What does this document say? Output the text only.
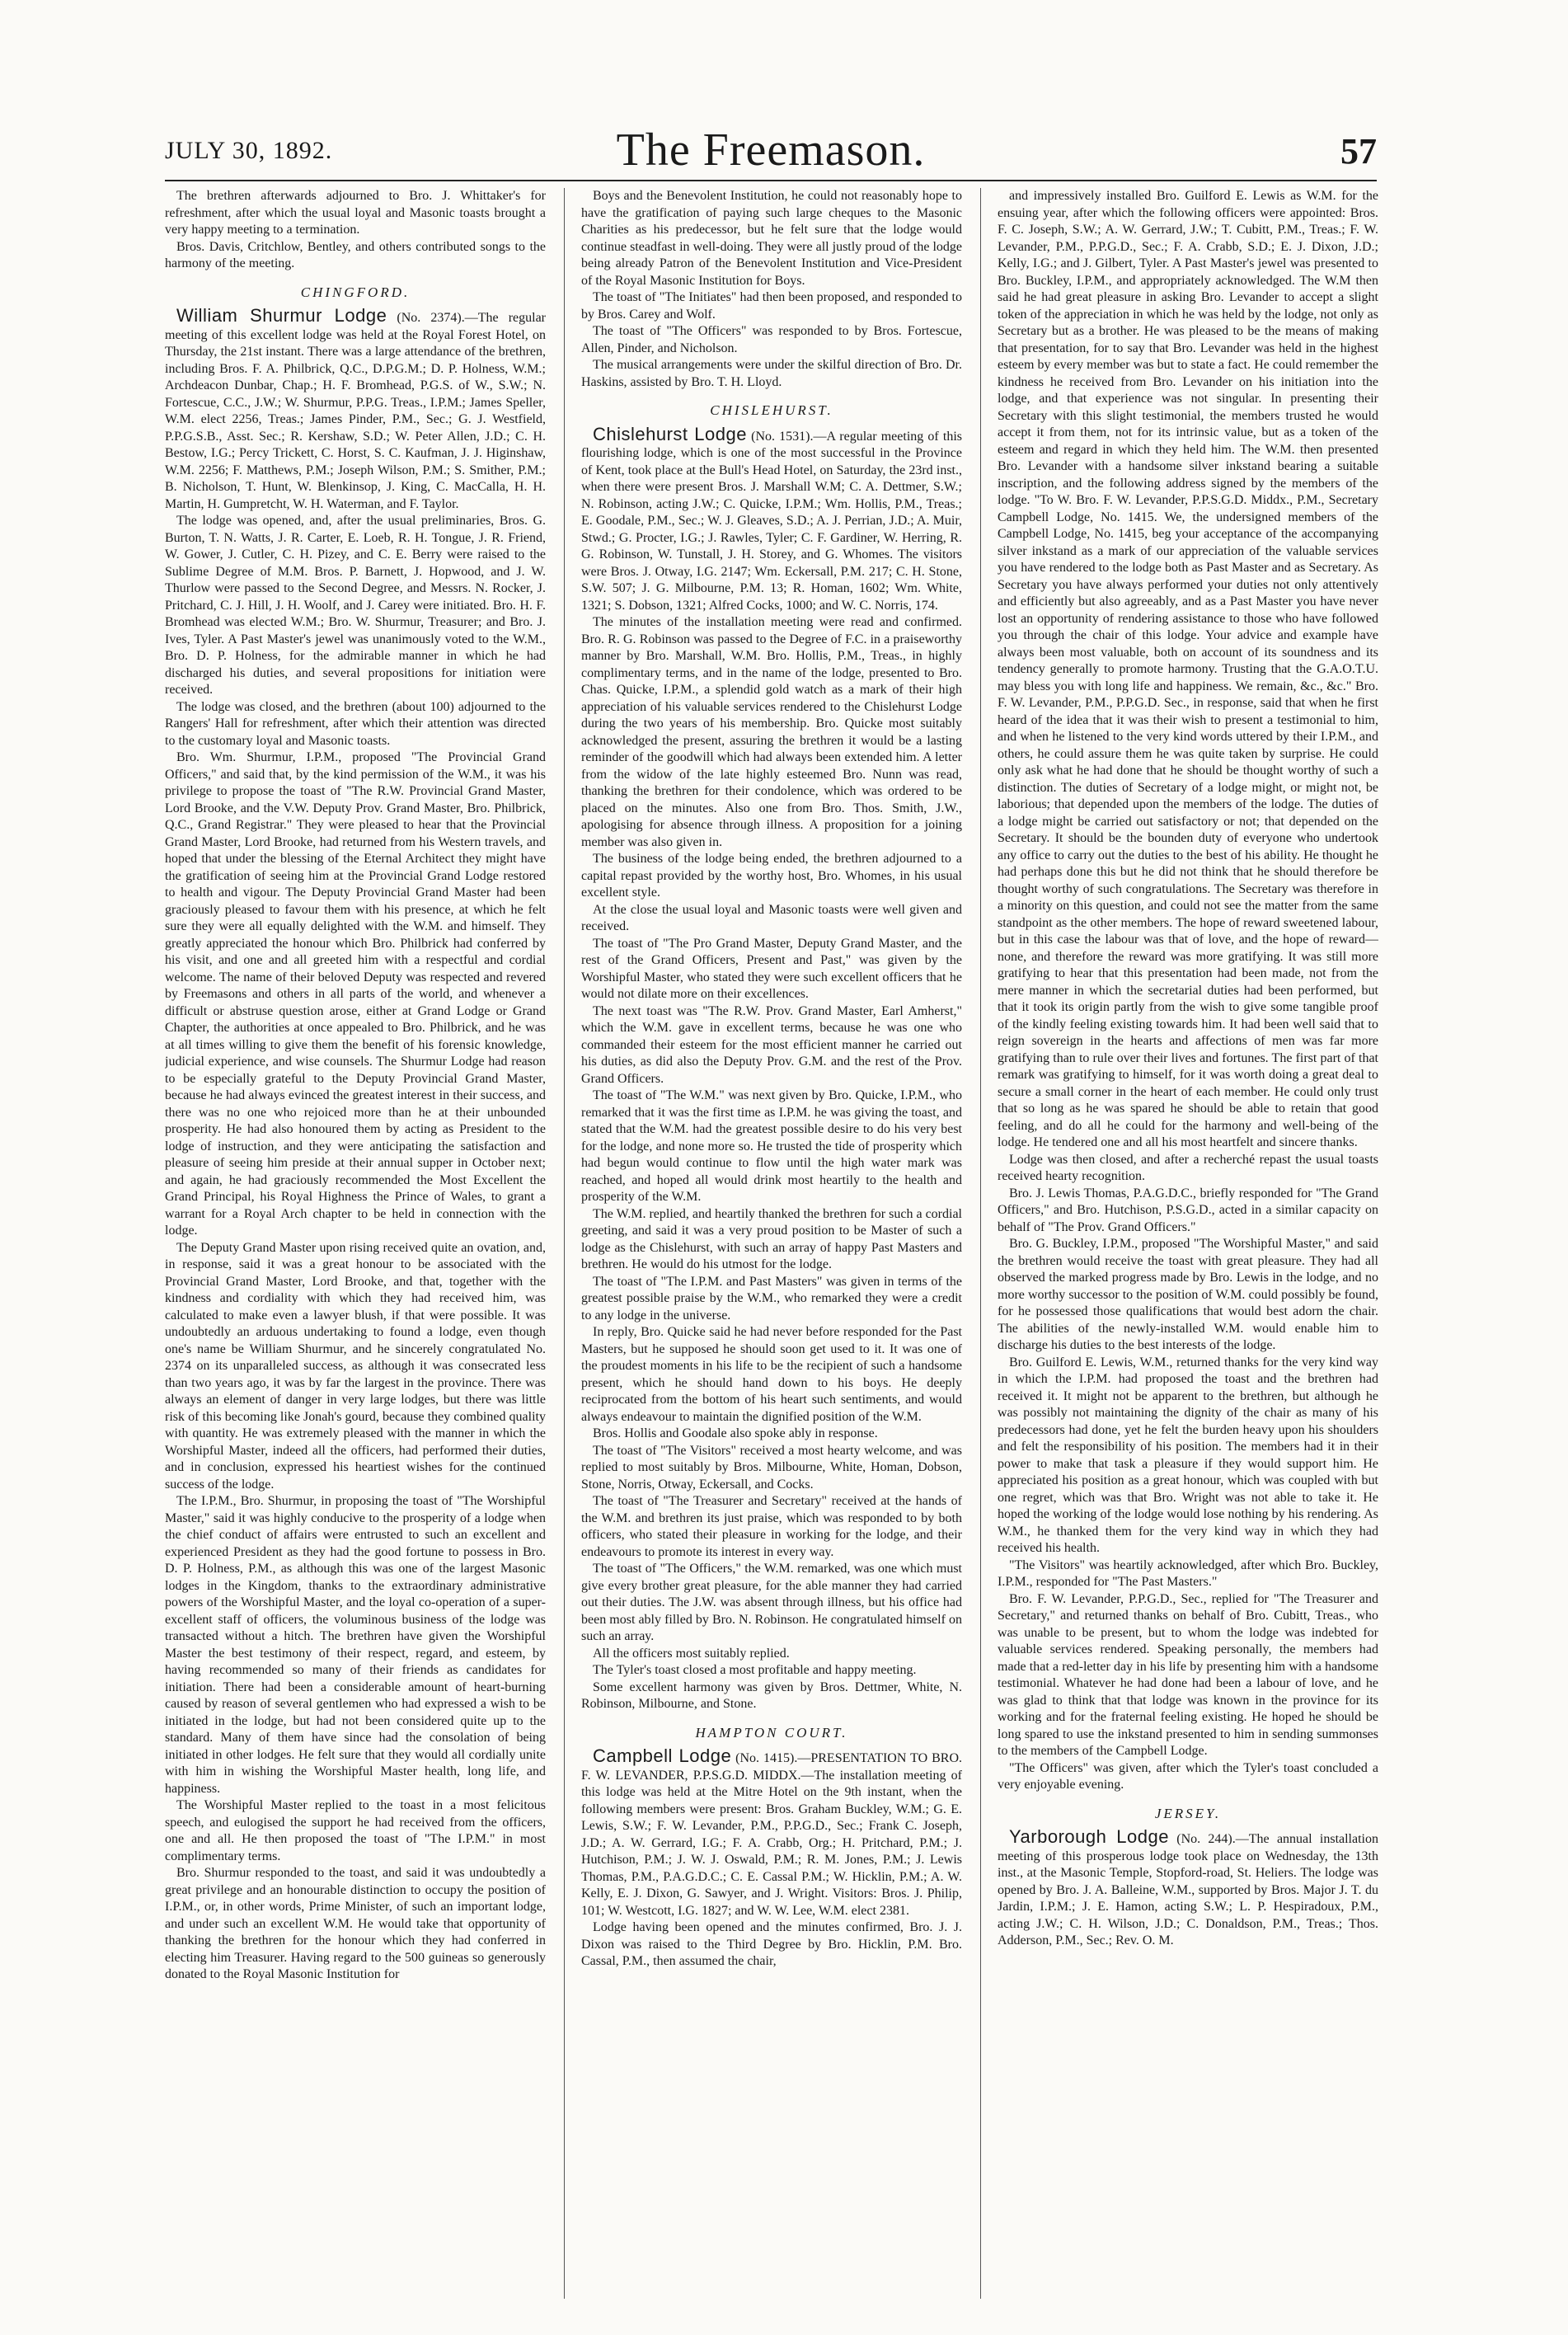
JULY 30, 1892.	The Freemason.	57

The brethren afterwards adjourned to Bro. J. Whittaker's for refreshment, after which the usual loyal and Masonic toasts brought a very happy meeting to a termination.

Bros. Davis, Critchlow, Bentley, and others contributed songs to the harmony of the meeting.

CHINGFORD.

William Shurmur Lodge (No. 2374).—The regular meeting of this excellent lodge was held at the Royal Forest Hotel, on Thursday, the 21st instant. There was a large attendance of the brethren, including Bros. F. A. Philbrick, Q.C., D.P.G.M.; D. P. Holness, W.M.; Archdeacon Dunbar, Chap.; H. F. Bromhead, P.G.S. of W., S.W.; N. Fortescue, C.C., J.W.; W. Shurmur, P.P.G. Treas., I.P.M.; James Speller, W.M. elect 2256, Treas.; James Pinder, P.M., Sec.; G. J. Westfield, P.P.G.S.B., Asst. Sec.; R. Kershaw, S.D.; W. Peter Allen, J.D.; C. H. Bestow, I.G.; Percy Trickett, C. Horst, S. C. Kaufman, J. J. Higinshaw, W.M. 2256; F. Matthews, P.M.; Joseph Wilson, P.M.; S. Smither, P.M.; B. Nicholson, T. Hunt, W. Blenkinsop, J. King, C. MacCalla, H. H. Martin, H. Gumpretcht, W. H. Waterman, and F. Taylor.

The lodge was opened, and, after the usual preliminaries, Bros. G. Burton, T. N. Watts, J. R. Carter, E. Loeb, R. H. Tongue, J. R. Friend, W. Gower, J. Cutler, C. H. Pizey, and C. E. Berry were raised to the Sublime Degree of M.M. Bros. P. Barnett, J. Hopwood, and J. W. Thurlow were passed to the Second Degree, and Messrs. N. Rocker, J. Pritchard, C. J. Hill, J. H. Woolf, and J. Carey were initiated. Bro. H. F. Bromhead was elected W.M.; Bro. W. Shurmur, Treasurer; and Bro. J. Ives, Tyler. A Past Master's jewel was unanimously voted to the W.M., Bro. D. P. Holness, for the admirable manner in which he had discharged his duties, and several propositions for initiation were received.

The lodge was closed, and the brethren (about 100) adjourned to the Rangers' Hall for refreshment, after which their attention was directed to the customary loyal and Masonic toasts.

Bro. Wm. Shurmur, I.P.M., proposed "The Provincial Grand Officers," and said that, by the kind permission of the W.M., it was his privilege to propose the toast of "The R.W. Provincial Grand Master, Lord Brooke, and the V.W. Deputy Prov. Grand Master, Bro. Philbrick, Q.C., Grand Registrar." They were pleased to hear that the Provincial Grand Master, Lord Brooke, had returned from his Western travels, and hoped that under the blessing of the Eternal Architect they might have the gratification of seeing him at the Provincial Grand Lodge restored to health and vigour. The Deputy Provincial Grand Master had been graciously pleased to favour them with his presence, at which he felt sure they were all equally delighted with the W.M. and himself. They greatly appreciated the honour which Bro. Philbrick had conferred by his visit, and one and all greeted him with a respectful and cordial welcome. The name of their beloved Deputy was respected and revered by Freemasons and others in all parts of the world, and whenever a difficult or abstruse question arose, either at Grand Lodge or Grand Chapter, the authorities at once appealed to Bro. Philbrick, and he was at all times willing to give them the benefit of his forensic knowledge, judicial experience, and wise counsels. The Shurmur Lodge had reason to be especially grateful to the Deputy Provincial Grand Master, because he had always evinced the greatest interest in their success, and there was no one who rejoiced more than he at their unbounded prosperity. He had also honoured them by acting as President to the lodge of instruction, and they were anticipating the satisfaction and pleasure of seeing him preside at their annual supper in October next; and again, he had graciously recommended the Most Excellent the Grand Principal, his Royal Highness the Prince of Wales, to grant a warrant for a Royal Arch chapter to be held in connection with the lodge.

The Deputy Grand Master upon rising received quite an ovation, and, in response, said it was a great honour to be associated with the Provincial Grand Master, Lord Brooke, and that, together with the kindness and cordiality with which they had received him, was calculated to make even a lawyer blush, if that were possible. It was undoubtedly an arduous undertaking to found a lodge, even though one's name be William Shurmur, and he sincerely congratulated No. 2374 on its unparalleled success, as although it was consecrated less than two years ago, it was by far the largest in the province. There was always an element of danger in very large lodges, but there was little risk of this becoming like Jonah's gourd, because they combined quality with quantity. He was extremely pleased with the manner in which the Worshipful Master, indeed all the officers, had performed their duties, and in conclusion, expressed his heartiest wishes for the continued success of the lodge.

The I.P.M., Bro. Shurmur, in proposing the toast of "The Worshipful Master," said it was highly conducive to the prosperity of a lodge when the chief conduct of affairs were entrusted to such an excellent and experienced President as they had the good fortune to possess in Bro. D. P. Holness, P.M., as although this was one of the largest Masonic lodges in the Kingdom, thanks to the extraordinary administrative powers of the Worshipful Master, and the loyal co-operation of a super-excellent staff of officers, the voluminous business of the lodge was transacted without a hitch. The brethren have given the Worshipful Master the best testimony of their respect, regard, and esteem, by having recommended so many of their friends as candidates for initiation. There had been a considerable amount of heart-burning caused by reason of several gentlemen who had expressed a wish to be initiated in the lodge, but had not been considered quite up to the standard. Many of them have since had the consolation of being initiated in other lodges. He felt sure that they would all cordially unite with him in wishing the Worshipful Master health, long life, and happiness.

The Worshipful Master replied to the toast in a most felicitous speech, and eulogised the support he had received from the officers, one and all. He then proposed the toast of "The I.P.M." in most complimentary terms.

Bro. Shurmur responded to the toast, and said it was undoubtedly a great privilege and an honourable distinction to occupy the position of I.P.M., or, in other words, Prime Minister, of such an important lodge, and under such an excellent W.M. He would take that opportunity of thanking the brethren for the honour which they had conferred in electing him Treasurer. Having regard to the 500 guineas so generously donated to the Royal Masonic Institution for

Boys and the Benevolent Institution, he could not reasonably hope to have the gratification of paying such large cheques to the Masonic Charities as his predecessor, but he felt sure that the lodge would continue steadfast in well-doing. They were all justly proud of the lodge being already Patron of the Benevolent Institution and Vice-President of the Royal Masonic Institution for Boys.

The toast of "The Initiates" had then been proposed, and responded to by Bros. Carey and Wolf.

The toast of "The Officers" was responded to by Bros. Fortescue, Allen, Pinder, and Nicholson.

The musical arrangements were under the skilful direction of Bro. Dr. Haskins, assisted by Bro. T. H. Lloyd.

CHISLEHURST.

Chislehurst Lodge (No. 1531).—A regular meeting of this flourishing lodge, which is one of the most successful in the Province of Kent, took place at the Bull's Head Hotel, on Saturday, the 23rd inst., when there were present Bros. J. Marshall W.M; C. A. Dettmer, S.W.; N. Robinson, acting J.W.; C. Quicke, I.P.M.; Wm. Hollis, P.M., Treas.; E. Goodale, P.M., Sec.; W. J. Gleaves, S.D.; A. J. Perrian, J.D.; A. Muir, Stwd.; G. Procter, I.G.; J. Rawles, Tyler; C. F. Gardiner, W. Herring, R. G. Robinson, W. Tunstall, J. H. Storey, and G. Whomes. The visitors were Bros. J. Otway, I.G. 2147; Wm. Eckersall, P.M. 217; C. H. Stone, S.W. 507; J. G. Milbourne, P.M. 13; R. Homan, 1602; Wm. White, 1321; S. Dobson, 1321; Alfred Cocks, 1000; and W. C. Norris, 174.

The minutes of the installation meeting were read and confirmed. Bro. R. G. Robinson was passed to the Degree of F.C. in a praiseworthy manner by Bro. Marshall, W.M. Bro. Hollis, P.M., Treas., in highly complimentary terms, and in the name of the lodge, presented to Bro. Chas. Quicke, I.P.M., a splendid gold watch as a mark of their high appreciation of his valuable services rendered to the Chislehurst Lodge during the two years of his membership. Bro. Quicke most suitably acknowledged the present, assuring the brethren it would be a lasting reminder of the goodwill which had always been extended him. A letter from the widow of the late highly esteemed Bro. Nunn was read, thanking the brethren for their condolence, which was ordered to be placed on the minutes. Also one from Bro. Thos. Smith, J.W., apologising for absence through illness. A proposition for a joining member was also given in.

The business of the lodge being ended, the brethren adjourned to a capital repast provided by the worthy host, Bro. Whomes, in his usual excellent style.

At the close the usual loyal and Masonic toasts were well given and received.

The toast of "The Pro Grand Master, Deputy Grand Master, and the rest of the Grand Officers, Present and Past," was given by the Worshipful Master, who stated they were such excellent officers that he would not dilate more on their excellences.

The next toast was "The R.W. Prov. Grand Master, Earl Amherst," which the W.M. gave in excellent terms, because he was one who commanded their esteem for the most efficient manner he carried out his duties, as did also the Deputy Prov. G.M. and the rest of the Prov. Grand Officers.

The toast of "The W.M." was next given by Bro. Quicke, I.P.M., who remarked that it was the first time as I.P.M. he was giving the toast, and stated that the W.M. had the greatest possible desire to do his very best for the lodge, and none more so. He trusted the tide of prosperity which had begun would continue to flow until the high water mark was reached, and hoped all would drink most heartily to the health and prosperity of the W.M.

The W.M. replied, and heartily thanked the brethren for such a cordial greeting, and said it was a very proud position to be Master of such a lodge as the Chislehurst, with such an array of happy Past Masters and brethren. He would do his utmost for the lodge.

The toast of "The I.P.M. and Past Masters" was given in terms of the greatest possible praise by the W.M., who remarked they were a credit to any lodge in the universe.

In reply, Bro. Quicke said he had never before responded for the Past Masters, but he supposed he should soon get used to it. It was one of the proudest moments in his life to be the recipient of such a handsome present, which he should hand down to his boys. He deeply reciprocated from the bottom of his heart such sentiments, and would always endeavour to maintain the dignified position of the W.M.

Bros. Hollis and Goodale also spoke ably in response.

The toast of "The Visitors" received a most hearty welcome, and was replied to most suitably by Bros. Milbourne, White, Homan, Dobson, Stone, Norris, Otway, Eckersall, and Cocks.

The toast of "The Treasurer and Secretary" received at the hands of the W.M. and brethren its just praise, which was responded to by both officers, who stated their pleasure in working for the lodge, and their endeavours to promote its interest in every way.

The toast of "The Officers," the W.M. remarked, was one which must give every brother great pleasure, for the able manner they had carried out their duties. The J.W. was absent through illness, but his office had been most ably filled by Bro. N. Robinson. He congratulated himself on such an array.

All the officers most suitably replied.

The Tyler's toast closed a most profitable and happy meeting.

Some excellent harmony was given by Bros. Dettmer, White, N. Robinson, Milbourne, and Stone.

HAMPTON COURT.

Campbell Lodge (No. 1415).—PRESENTATION TO BRO. F. W. LEVANDER, P.P.S.G.D. MIDDX.—The installation meeting of this lodge was held at the Mitre Hotel on the 9th instant, when the following members were present: Bros. Graham Buckley, W.M.; G. E. Lewis, S.W.; F. W. Levander, P.M., P.P.G.D., Sec.; Frank C. Joseph, J.D.; A. W. Gerrard, I.G.; F. A. Crabb, Org.; H. Pritchard, P.M.; J. Hutchison, P.M.; J. W. J. Oswald, P.M.; R. M. Jones, P.M.; J. Lewis Thomas, P.M., P.A.G.D.C.; C. E. Cassal P.M.; W. Hicklin, P.M.; A. W. Kelly, E. J. Dixon, G. Sawyer, and J. Wright. Visitors: Bros. J. Philip, 101; W. Westcott, I.G. 1827; and W. W. Lee, W.M. elect 2381.

Lodge having been opened and the minutes confirmed, Bro. J. J. Dixon was raised to the Third Degree by Bro. Hicklin, P.M. Bro. Cassal, P.M., then assumed the chair,

and impressively installed Bro. Guilford E. Lewis as W.M. for the ensuing year, after which the following officers were appointed: Bros. F. C. Joseph, S.W.; A. W. Gerrard, J.W.; T. Cubitt, P.M., Treas.; F. W. Levander, P.M., P.P.G.D., Sec.; F. A. Crabb, S.D.; E. J. Dixon, J.D.; Kelly, I.G.; and J. Gilbert, Tyler. A Past Master's jewel was presented to Bro. Buckley, I.P.M., and appropriately acknowledged. The W.M then said he had great pleasure in asking Bro. Levander to accept a slight token of the appreciation in which he was held by the lodge, not only as Secretary but as a brother. He was pleased to be the means of making that presentation, for to say that Bro. Levander was held in the highest esteem by every member was but to state a fact. He could remember the kindness he received from Bro. Levander on his initiation into the lodge, and that experience was not singular. In presenting their Secretary with this slight testimonial, the members trusted he would accept it from them, not for its intrinsic value, but as a token of the esteem and regard in which they held him. The W.M. then presented Bro. Levander with a handsome silver inkstand bearing a suitable inscription, and the following address signed by the members of the lodge. "To W. Bro. F. W. Levander, P.P.S.G.D. Middx., P.M., Secretary Campbell Lodge, No. 1415. We, the undersigned members of the Campbell Lodge, No. 1415, beg your acceptance of the accompanying silver inkstand as a mark of our appreciation of the valuable services you have rendered to the lodge both as Past Master and as Secretary. As Secretary you have always performed your duties not only attentively and efficiently but also agreeably, and as a Past Master you have never lost an opportunity of rendering assistance to those who have followed you through the chair of this lodge. Your advice and example have always been most valuable, both on account of its soundness and its tendency generally to promote harmony. Trusting that the G.A.O.T.U. may bless you with long life and happiness. We remain, &c., &c." Bro. F. W. Levander, P.M., P.P.G.D. Sec., in response, said that when he first heard of the idea that it was their wish to present a testimonial to him, and when he listened to the very kind words uttered by their I.P.M., and others, he could assure them he was quite taken by surprise. He could only ask what he had done that he should be thought worthy of such a distinction. The duties of Secretary of a lodge might, or might not, be laborious; that depended upon the members of the lodge. The duties of a lodge might be carried out satisfactory or not; that depended on the Secretary. It should be the bounden duty of everyone who undertook any office to carry out the duties to the best of his ability. He thought he had perhaps done this but he did not think that he should therefore be thought worthy of such congratulations. The Secretary was therefore in a minority on this question, and could not see the matter from the same standpoint as the other members. The hope of reward sweetened labour, but in this case the labour was that of love, and the hope of reward—none, and therefore the reward was more gratifying. It was still more gratifying to hear that this presentation had been made, not from the mere manner in which the secretarial duties had been performed, but that it took its origin partly from the wish to give some tangible proof of the kindly feeling existing towards him. It had been well said that to reign sovereign in the hearts and affections of men was far more gratifying than to rule over their lives and fortunes. The first part of that remark was gratifying to himself, for it was worth doing a great deal to secure a small corner in the heart of each member. He could only trust that so long as he was spared he should be able to retain that good feeling, and do all he could for the harmony and well-being of the lodge. He tendered one and all his most heartfelt and sincere thanks.

Lodge was then closed, and after a recherché repast the usual toasts received hearty recognition.

Bro. J. Lewis Thomas, P.A.G.D.C., briefly responded for "The Grand Officers," and Bro. Hutchison, P.S.G.D., acted in a similar capacity on behalf of "The Prov. Grand Officers."

Bro. G. Buckley, I.P.M., proposed "The Worshipful Master," and said the brethren would receive the toast with great pleasure. They had all observed the marked progress made by Bro. Lewis in the lodge, and no more worthy successor to the position of W.M. could possibly be found, for he possessed those qualifications that would best adorn the chair. The abilities of the newly-installed W.M. would enable him to discharge his duties to the best interests of the lodge.

Bro. Guilford E. Lewis, W.M., returned thanks for the very kind way in which the I.P.M. had proposed the toast and the brethren had received it. It might not be apparent to the brethren, but although he was possibly not maintaining the dignity of the chair as many of his predecessors had done, yet he felt the burden heavy upon his shoulders and felt the responsibility of his position. The members had it in their power to make that task a pleasure if they would support him. He appreciated his position as a great honour, which was coupled with but one regret, which was that Bro. Wright was not able to take it. He hoped the working of the lodge would lose nothing by his rendering. As W.M., he thanked them for the very kind way in which they had received his health.

"The Visitors" was heartily acknowledged, after which Bro. Buckley, I.P.M., responded for "The Past Masters."

Bro. F. W. Levander, P.P.G.D., Sec., replied for "The Treasurer and Secretary," and returned thanks on behalf of Bro. Cubitt, Treas., who was unable to be present, but to whom the lodge was indebted for valuable services rendered. Speaking personally, the members had made that a red-letter day in his life by presenting him with a handsome testimonial. Whatever he had done had been a labour of love, and he was glad to think that that lodge was known in the province for its working and for the fraternal feeling existing. He hoped he should be long spared to use the inkstand presented to him in sending summonses to the members of the Campbell Lodge.

"The Officers" was given, after which the Tyler's toast concluded a very enjoyable evening.

JERSEY.

Yarborough Lodge (No. 244).—The annual installation meeting of this prosperous lodge took place on Wednesday, the 13th inst., at the Masonic Temple, Stopford-road, St. Heliers. The lodge was opened by Bro. J. A. Balleine, W.M., supported by Bros. Major J. T. du Jardin, I.P.M.; J. E. Hamon, acting S.W.; L. P. Hespiradoux, P.M., acting J.W.; C. H. Wilson, J.D.; C. Donaldson, P.M., Treas.; Thos. Adderson, P.M., Sec.; Rev. O. M.
